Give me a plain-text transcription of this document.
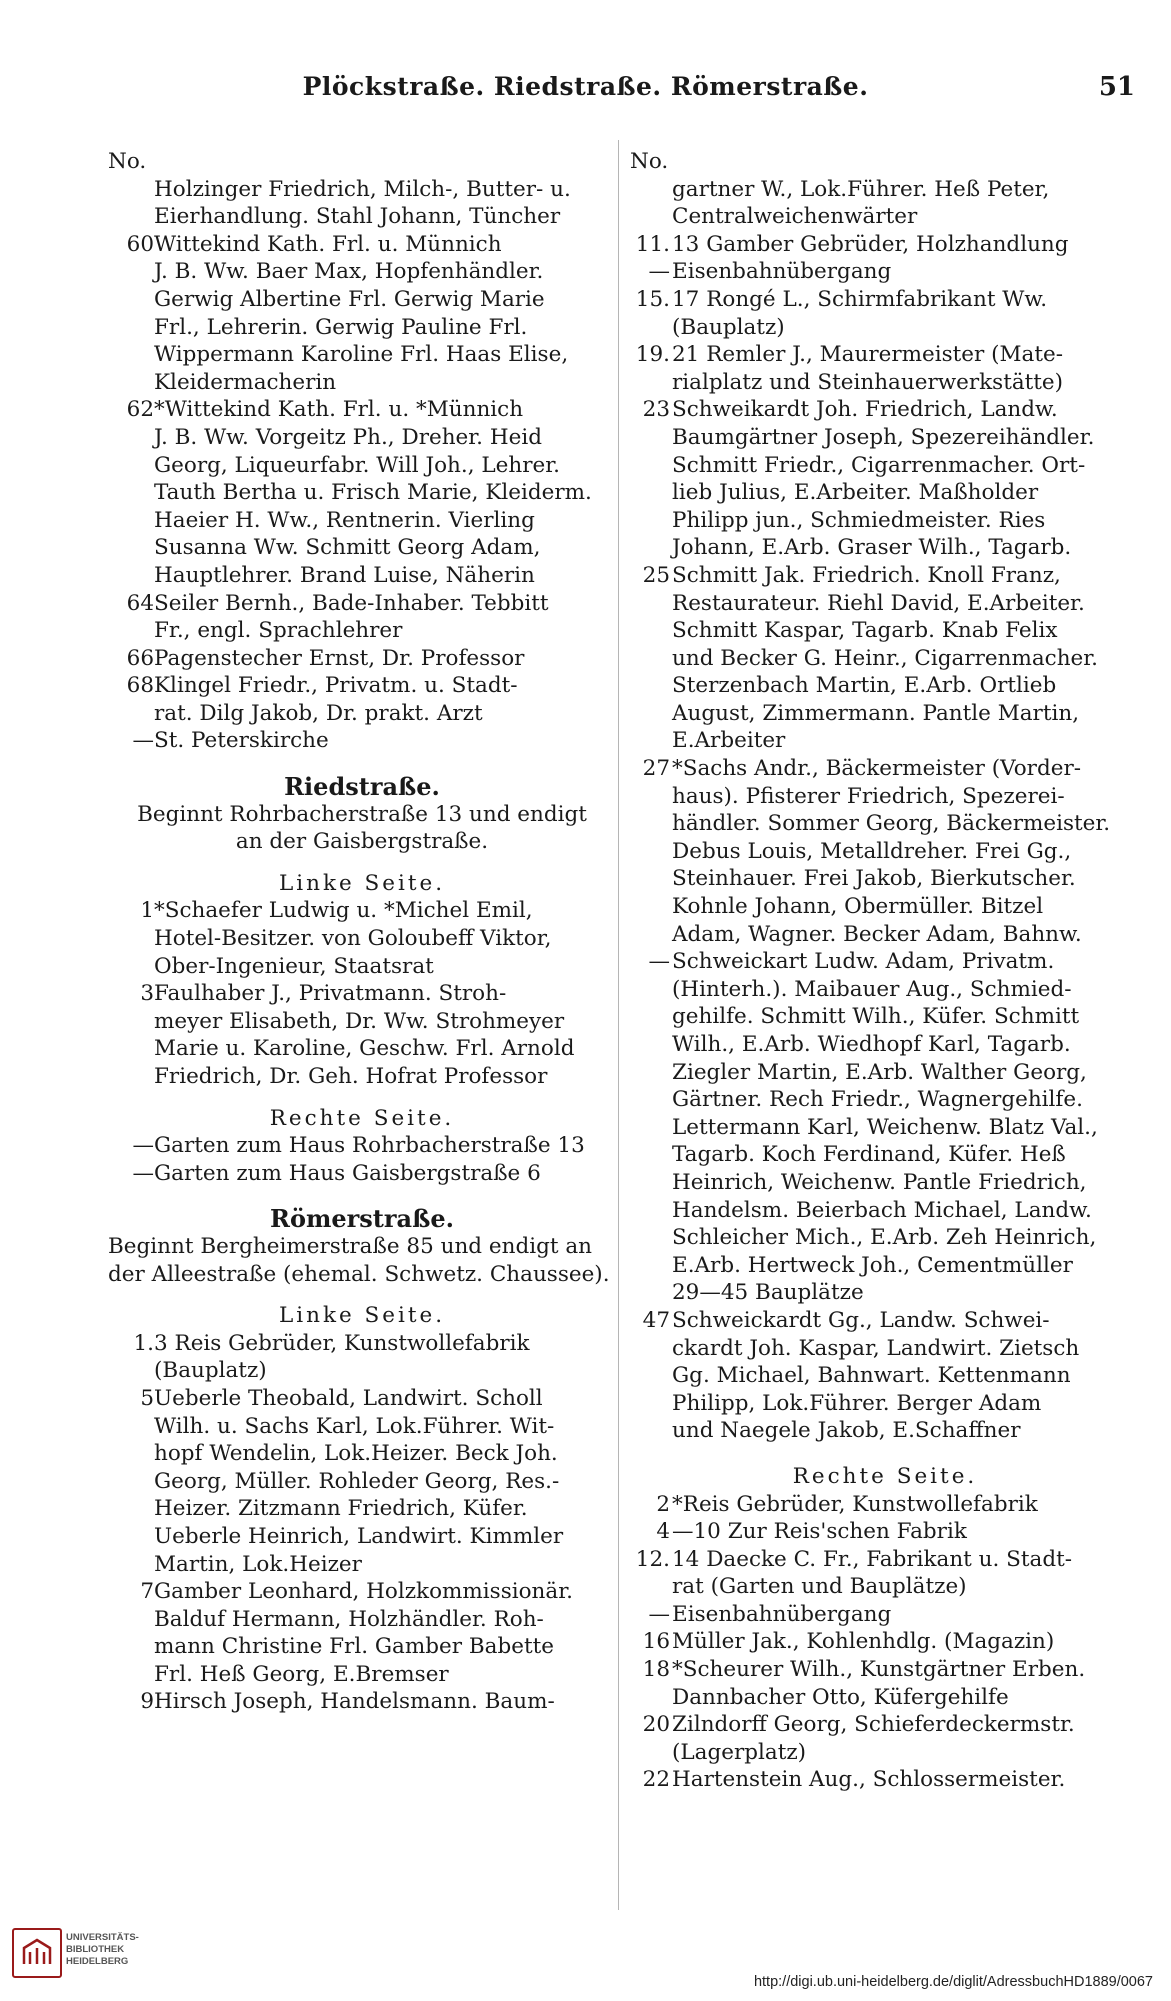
Plöckstraße. Riedstraße. Römerstraße.	51
No.
Holzinger Friedrich, Milch-, Butter- u.
Eierhandlung. Stahl Johann, Tüncher
60 Wittekind Kath. Frl. u. Münnich
J. B. Ww. Baer Max, Hopfenhändler.
Gerwig Albertine Frl. Gerwig Marie
Frl., Lehrerin. Gerwig Pauline Frl.
Wippermann Karoline Frl. Haas Elise,
Kleidermacherin
62 *Wittekind Kath. Frl. u. *Münnich
J. B. Ww. Vorgeitz Ph., Dreher. Heid
Georg, Liqueurfabr. Will Joh., Lehrer.
Tauth Bertha u. Frisch Marie, Kleiderm.
Haeier H. Ww., Rentnerin. Vierling
Susanna Ww. Schmitt Georg Adam,
Hauptlehrer. Brand Luise, Näherin
64 Seiler Bernh., Bade-Inhaber. Tebbitt
Fr., engl. Sprachlehrer
66 Pagenstecher Ernst, Dr. Professor
68 Klingel Friedr., Privatm. u. Stadt-
rat. Dilg Jakob, Dr. prakt. Arzt
— St. Peterskirche
Riedstraße.
Beginnt Rohrbacherstraße 13 und endigt
an der Gaisbergstraße.
Linke Seite.
1 *Schaefer Ludwig u. *Michel Emil,
Hotel-Besitzer. von Goloubeff Viktor,
Ober-Ingenieur, Staatsrat
3 Faulhaber J., Privatmann. Stroh-
meyer Elisabeth, Dr. Ww. Strohmeyer
Marie u. Karoline, Geschw. Frl. Arnold
Friedrich, Dr. Geh. Hofrat Professor
Rechte Seite.
— Garten zum Haus Rohrbacherstraße 13
— Garten zum Haus Gaisbergstraße 6
Römerstraße.
Beginnt Bergheimerstraße 85 und endigt an
der Alleestraße (ehemal. Schwetz. Chaussee).
Linke Seite.
1. 3 Reis Gebrüder, Kunstwollefabrik
(Bauplatz)
5 Ueberle Theobald, Landwirt. Scholl
Wilh. u. Sachs Karl, Lok.Führer. Wit-
hopf Wendelin, Lok.Heizer. Beck Joh.
Georg, Müller. Rohleder Georg, Res.-
Heizer. Zitzmann Friedrich, Küfer.
Ueberle Heinrich, Landwirt. Kimmler
Martin, Lok.Heizer
7 Gamber Leonhard, Holzkommissionär.
Balduf Hermann, Holzhändler. Roh-
mann Christine Frl. Gamber Babette
Frl. Heß Georg, E.Bremser
9 Hirsch Joseph, Handelsmann. Baum-
No.
gartner W., Lok.Führer. Heß Peter,
Centralweichenwärter
11. 13 Gamber Gebrüder, Holzhandlung
— Eisenbahnübergang
15. 17 Rongé L., Schirmfabrikant Ww.
(Bauplatz)
19. 21 Remler J., Maurermeister (Mate-
rialplatz und Steinhauerwerkstätte)
23 Schweikardt Joh. Friedrich, Landw.
Baumgärtner Joseph, Spezereihändler.
Schmitt Friedr., Cigarrenmacher. Ort-
lieb Julius, E.Arbeiter. Maßholder
Philipp jun., Schmiedmeister. Ries
Johann, E.Arb. Graser Wilh., Tagarb.
25 Schmitt Jak. Friedrich. Knoll Franz,
Restaurateur. Riehl David, E.Arbeiter.
Schmitt Kaspar, Tagarb. Knab Felix
und Becker G. Heinr., Cigarrenmacher.
Sterzenbach Martin, E.Arb. Ortlieb
August, Zimmermann. Pantle Martin,
E.Arbeiter
27 *Sachs Andr., Bäckermeister (Vorder-
haus). Pfisterer Friedrich, Spezerei-
händler. Sommer Georg, Bäckermeister.
Debus Louis, Metalldreher. Frei Gg.,
Steinhauer. Frei Jakob, Bierkutscher.
Kohnle Johann, Obermüller. Bitzel
Adam, Wagner. Becker Adam, Bahnw.
— Schweickart Ludw. Adam, Privatm.
(Hinterh.). Maibauer Aug., Schmied-
gehilfe. Schmitt Wilh., Küfer. Schmitt
Wilh., E.Arb. Wiedhopf Karl, Tagarb.
Ziegler Martin, E.Arb. Walther Georg,
Gärtner. Rech Friedr., Wagnergehilfe.
Lettermann Karl, Weichenw. Blatz Val.,
Tagarb. Koch Ferdinand, Küfer. Heß
Heinrich, Weichenw. Pantle Friedrich,
Handelsm. Beierbach Michael, Landw.
Schleicher Mich., E.Arb. Zeh Heinrich,
E.Arb. Hertweck Joh., Cementmüller
29—45 Bauplätze
47 Schweickardt Gg., Landw. Schwei-
ckardt Joh. Kaspar, Landwirt. Zietsch
Gg. Michael, Bahnwart. Kettenmann
Philipp, Lok.Führer. Berger Adam
und Naegele Jakob, E.Schaffner
Rechte Seite.
2 *Reis Gebrüder, Kunstwollefabrik
4 —10 Zur Reis'schen Fabrik
12. 14 Daecke C. Fr., Fabrikant u. Stadt-
rat (Garten und Bauplätze)
— Eisenbahnübergang
16 Müller Jak., Kohlenhdlg. (Magazin)
18 *Scheurer Wilh., Kunstgärtner Erben.
Dannbacher Otto, Küfergehilfe
20 Zilndorff Georg, Schieferdeckermstr.
(Lagerplatz)
22 Hartenstein Aug., Schlossermeister.
UNIVERSITÄTS-
BIBLIOTHEK
HEIDELBERG
http://digi.ub.uni-heidelberg.de/diglit/AdressbuchHD1889/0067
